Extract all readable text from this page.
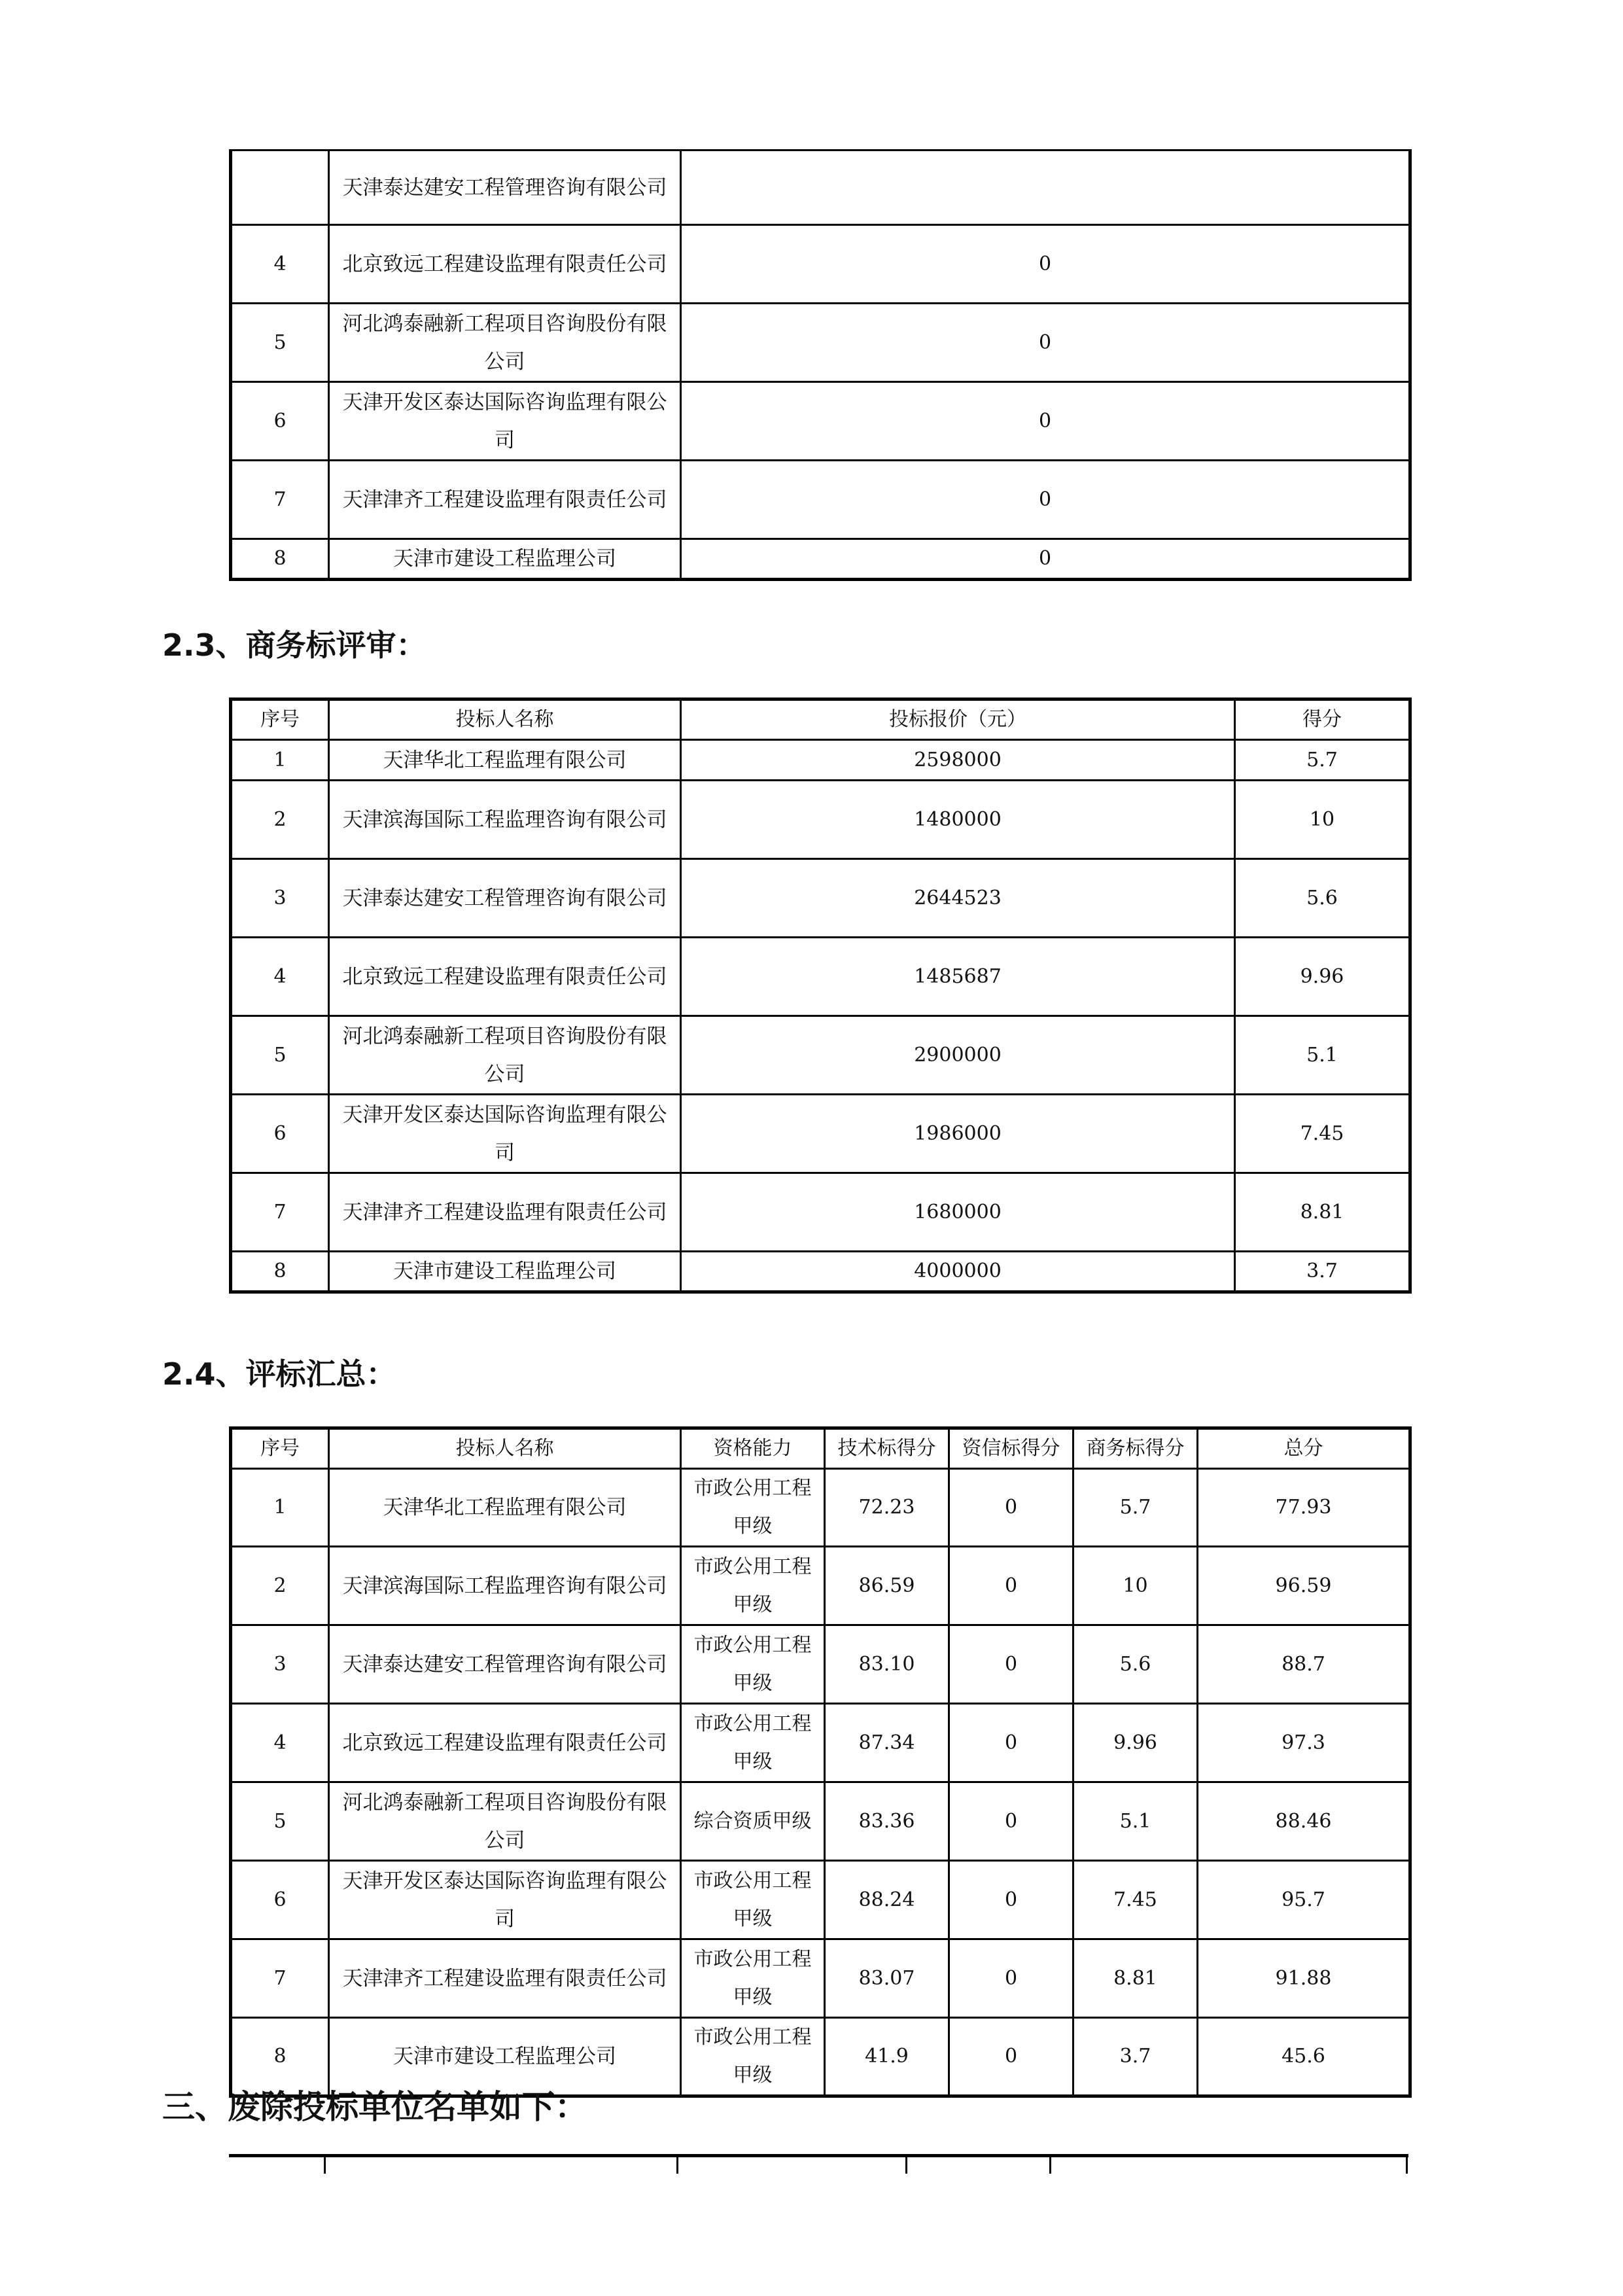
	天津泰达建安工程管理咨询有限公司	
4	北京致远工程建设监理有限责任公司	0
5	河北鸿泰融新工程项目咨询股份有限公司	0
6	天津开发区泰达国际咨询监理有限公司	0
7	天津津齐工程建设监理有限责任公司	0
8	天津市建设工程监理公司	0
2.3、商务标评审：
序号	投标人名称	投标报价（元）	得分
1	天津华北工程监理有限公司	2598000	5.7
2	天津滨海国际工程监理咨询有限公司	1480000	10
3	天津泰达建安工程管理咨询有限公司	2644523	5.6
4	北京致远工程建设监理有限责任公司	1485687	9.96
5	河北鸿泰融新工程项目咨询股份有限公司	2900000	5.1
6	天津开发区泰达国际咨询监理有限公司	1986000	7.45
7	天津津齐工程建设监理有限责任公司	1680000	8.81
8	天津市建设工程监理公司	4000000	3.7
2.4、评标汇总：
序号	投标人名称	资格能力	技术标得分	资信标得分	商务标得分	总分
1	天津华北工程监理有限公司	市政公用工程甲级	72.23	0	5.7	77.93
2	天津滨海国际工程监理咨询有限公司	市政公用工程甲级	86.59	0	10	96.59
3	天津泰达建安工程管理咨询有限公司	市政公用工程甲级	83.10	0	5.6	88.7
4	北京致远工程建设监理有限责任公司	市政公用工程甲级	87.34	0	9.96	97.3
5	河北鸿泰融新工程项目咨询股份有限公司	综合资质甲级	83.36	0	5.1	88.46
6	天津开发区泰达国际咨询监理有限公司	市政公用工程甲级	88.24	0	7.45	95.7
7	天津津齐工程建设监理有限责任公司	市政公用工程甲级	83.07	0	8.81	91.88
8	天津市建设工程监理公司	市政公用工程甲级	41.9	0	3.7	45.6
三、废除投标单位名单如下：
